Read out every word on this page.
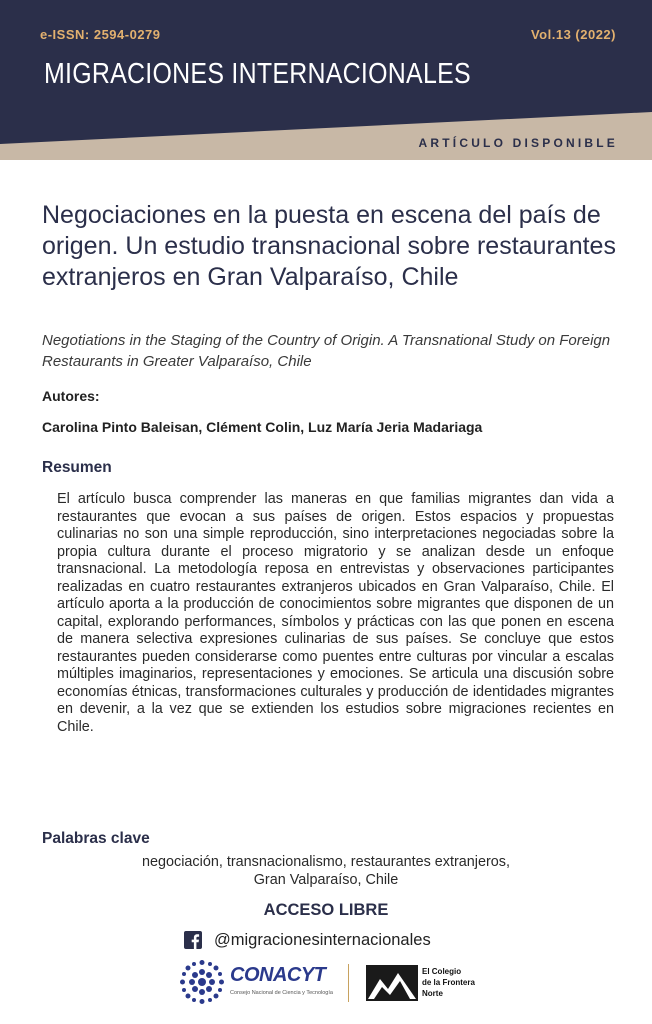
e-ISSN: 2594-0279	Vol.13 (2022)
MIGRACIONES INTERNACIONALES
ARTÍCULO DISPONIBLE
Negociaciones en la puesta en escena del país de origen. Un estudio transnacional sobre restaurantes extranjeros en Gran Valparaíso, Chile

Negotiations in the Staging of the Country of Origin. A Transnational Study on Foreign Restaurants in Greater Valparaíso, Chile

Autores:
Carolina Pinto Baleisan, Clément Colin, Luz María Jeria Madariaga
Resumen

El artículo busca comprender las maneras en que familias migrantes dan vida a restaurantes que evocan a sus países de origen. Estos espacios y propuestas culinarias no son una simple reproducción, sino interpretaciones negociadas sobre la propia cultura durante el proceso migratorio y se analizan desde un enfoque transnacional. La metodología reposa en entrevistas y observaciones participantes realizadas en cuatro restaurantes extranjeros ubicados en Gran Valparaíso, Chile. El artículo aporta a la producción de conocimientos sobre migrantes que disponen de un capital, explorando performances, símbolos y prácticas con las que ponen en escena de manera selectiva expresiones culinarias de sus países. Se concluye que estos restaurantes pueden considerarse como puentes entre culturas por vincular a escalas múltiples imaginarios, representaciones y emociones. Se articula una discusión sobre economías étnicas, transformaciones culturales y producción de identidades migrantes en devenir, a la vez que se extienden los estudios sobre migraciones recientes en Chile.

Palabras clave

negociación, transnacionalismo, restaurantes extranjeros,
Gran Valparaíso, Chile

ACCESO LIBRE
@migracionesinternacionales
CONACYT
Consejo Nacional de Ciencia y Tecnología
El Colegio
de la Frontera
Norte
